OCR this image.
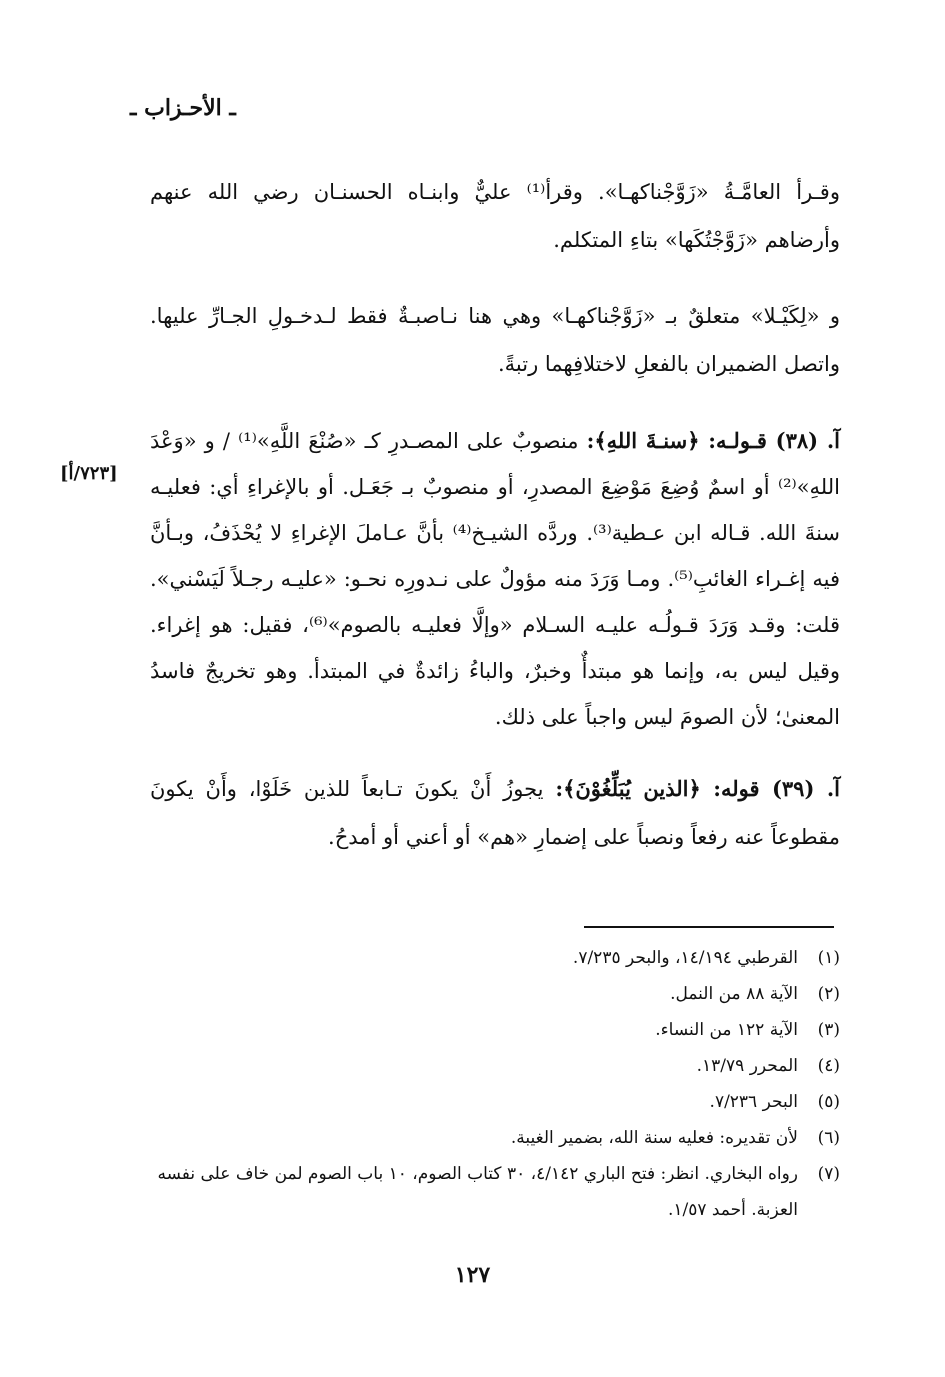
ـ الأحـزاب ـ
وقـرأ العامَّـةُ «زَوَّجْناكهـا». وقرأ⁽¹⁾ عليٌّ وابنـاه الحسنـان رضي الله عنهم وأرضاهم «زَوَّجْتُكَها» بتاءِ المتكلم.
و «لِكَيْـلا» متعلقٌ بـ «زَوَّجْناكهـا» وهي هنا نـاصبـةٌ فقط لـدخـولِ الجـارِّ عليها. واتصل الضميران بالفعلِ لاختلافِهما رتبةً.
آ. (٣٨) قـولـه: ﴿سنـةَ اللهِ﴾: منصوبٌ على المصـدرِ كـ «صُنْعَ اللَّهِ»⁽¹⁾ / و «وَعْدَ اللهِ»⁽²⁾ أو اسمٌ وُضِعَ مَوْضِعَ المصدرِ، أو منصوبٌ بـ جَعَـل. أو بالإغراءِ أي: فعليـه سنةَ الله. قـاله ابن عـطية⁽³⁾. وردَّه الشيـخ⁽⁴⁾ بأنَّ عـاملَ الإغراءِ لا يُحْذَفُ، وبـأنَّ فيه إغـراء الغائبِ⁽⁵⁾. ومـا وَرَدَ منه مؤولٌ على نـدورِه نحـو: «عليـه رجـلاً لَيَسْني». قلت: وقـد وَرَدَ قـولُـه عليـه السـلام «وإلَّا فعليـه بالصوم»⁽⁶⁾، فقيل: هو إغراء. وقيل ليس به، وإنما هو مبتدأٌ وخبرٌ، والباءُ زائدةٌ في المبتدأ. وهو تخريجٌ فاسدُ المعنىٰ؛ لأن الصومَ ليس واجباً على ذلك.
[٧٢٣/أ]
آ. (٣٩) قوله: ﴿الذين يُبَلِّغُوْنَ﴾: يجوزُ أَنْ يكونَ تـابعاً للذين خَلَوْا، وأَنْ يكونَ مقطوعاً عنه رفعاً ونصباً على إضمارِ «هم» أو أعني أو أمدحُ.
(١)
القرطبي ١٤/١٩٤، والبحر ٧/٢٣٥.
(٢)
الآية ٨٨ من النمل.
(٣)
الآية ١٢٢ من النساء.
(٤)
المحرر ١٣/٧٩.
(٥)
البحر ٧/٢٣٦.
(٦)
لأن تقديره: فعليه سنة الله، بضمير الغيبة.
(٧)
رواه البخاري. انظر: فتح الباري ٤/١٤٢، ٣٠ كتاب الصوم، ١٠ باب الصوم لمن خاف على نفسه العزبة. أحمد ١/٥٧.
١٢٧
